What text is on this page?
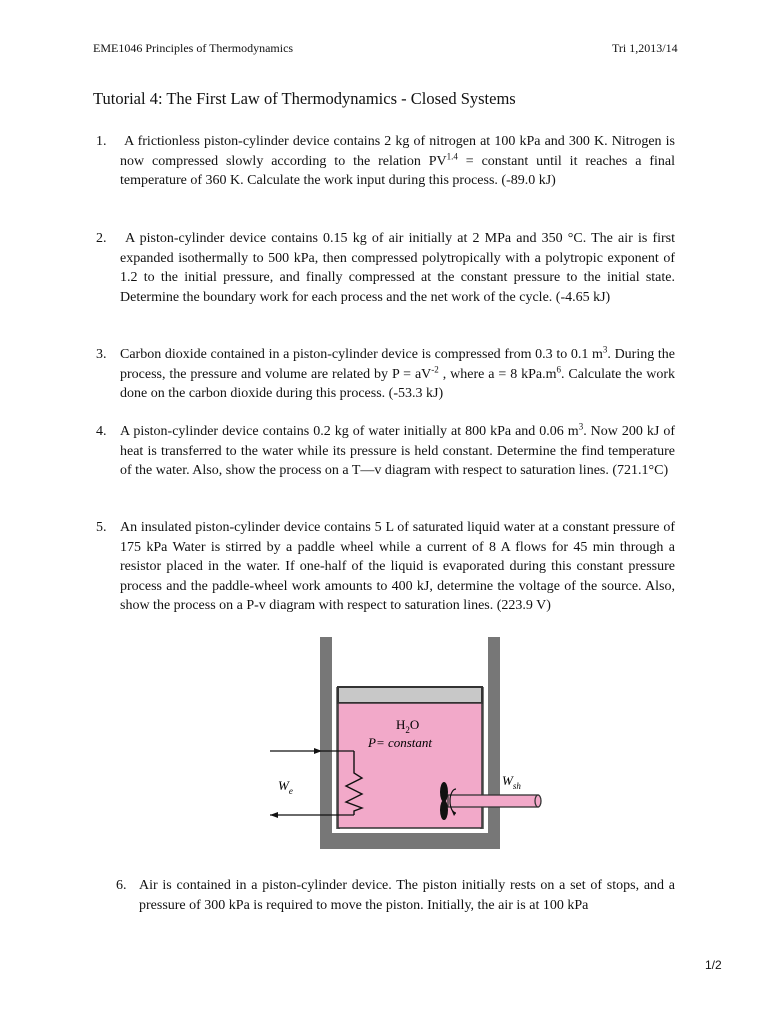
EME1046 Principles of Thermodynamics	Tri 1,2013/14
Tutorial 4: The First Law of Thermodynamics - Closed Systems
1. A frictionless piston-cylinder device contains 2 kg of nitrogen at 100 kPa and 300 K. Nitrogen is now compressed slowly according to the relation $PV^{1.4}$ = constant until it reaches a final temperature of 360 K. Calculate the work input during this process. (-89.0 kJ)

2.	A piston-cylinder device contains 0.15 kg of air initially at 2 MPa and 350 °C. The air is first expanded isothermally to 500 kPa, then compressed polytropically with a polytropic exponent of 1.2 to the initial pressure, and finally compressed at the constant pressure to the initial state. Determine the boundary work for each process and the net work of the cycle. (-4.65 kJ)

3. Carbon dioxide contained in a piston-cylinder device is compressed from 0.3 to 0.1 $m^3$. During the process, the pressure and volume are related by $P = aV^{-2}$ , where a = 8 $kPa.m^6$. Calculate the work done on the carbon dioxide during this process. (-53.3 kJ)

4. A piston-cylinder device contains 0.2 kg of water initially at 800 kPa and 0.06 $m^3$. Now 200 kJ of heat is transferred to the water while its pressure is held constant. Determine the find temperature of the water. Also, show the process on a T—v diagram with respect to saturation lines. (721.1°C)

5. An insulated piston-cylinder device contains 5 L of saturated liquid water at a constant pressure of 175 kPa Water is stirred by a paddle wheel while a current of 8 A flows for 45 min through a resistor placed in the water. If one-half of the liquid is evaporated during this constant pressure process and the paddle-wheel work amounts to 400 kJ, determine the voltage of the source. Also, show the process on a P-v diagram with respect to saturation lines. (223.9 V)

$H_2O$
P= constant
$W_e$
$W_{sh}$
6. Air is contained in a piston-cylinder device. The piston initially rests on a set of stops, and a pressure of 300 kPa is required to move the piston. Initially, the air is at 100 kPa

1/2
